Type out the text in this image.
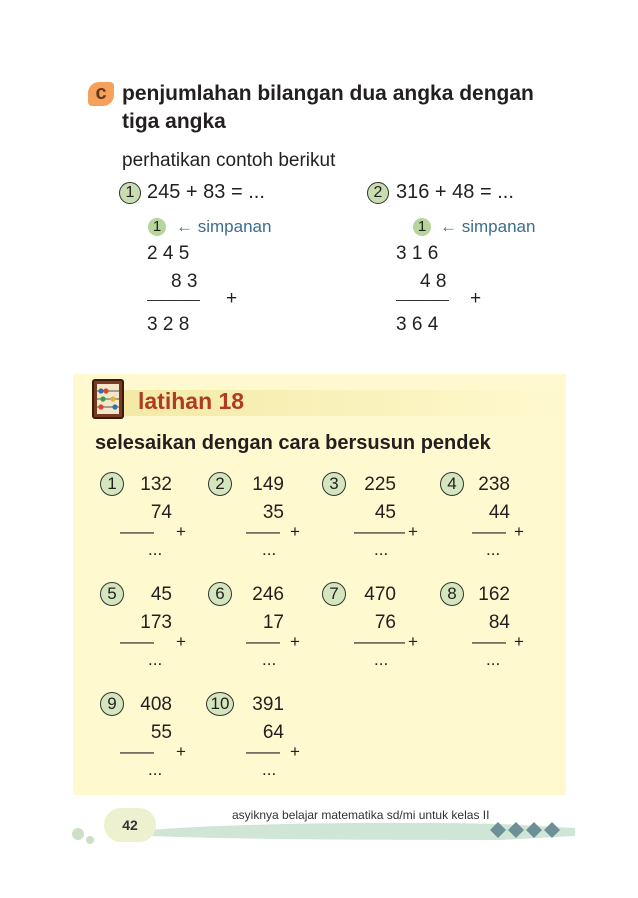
c penjumlahan bilangan dua angka dengan
tiga angka
perhatikan contoh berikut
1 245 + 83 = ...
1 ← simpanan
2 4 5
8 3
———— +
3 2 8
2 316 + 48 = ...
1 ← simpanan
3 1 6
4 8
———— +
3 6 4
latihan 18
selesaikan dengan cara bersusun pendek
1	132
74
—— +
...
2	149
35
—— +
...
3	225
45
——— +
...
4	238
44
—— +
...
5	45
173
—— +
...
6	246
17
—— +
...
7	470
76
——— +
...
8	162
84
—— +
...
9	408
55
—— +
...
10	391
64
—— +
...
42
asyiknya belajar matematika sd/mi untuk kelas II
